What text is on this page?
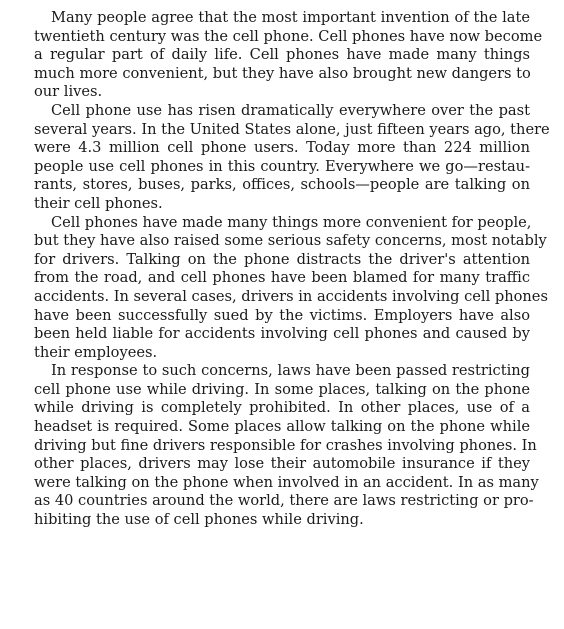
Many people agree that the most important invention of the late
twentieth century was the cell phone. Cell phones have now become
a regular part of daily life. Cell phones have made many things
much more convenient, but they have also brought new dangers to
our lives.
Cell phone use has risen dramatically everywhere over the past
several years. In the United States alone, just fifteen years ago, there
were 4.3 million cell phone users. Today more than 224 million
people use cell phones in this country. Everywhere we go—restau-
rants, stores, buses, parks, offices, schools—people are talking on
their cell phones.
Cell phones have made many things more convenient for people,
but they have also raised some serious safety concerns, most notably
for drivers. Talking on the phone distracts the driver's attention
from the road, and cell phones have been blamed for many traffic
accidents. In several cases, drivers in accidents involving cell phones
have been successfully sued by the victims. Employers have also
been held liable for accidents involving cell phones and caused by
their employees.
In response to such concerns, laws have been passed restricting
cell phone use while driving. In some places, talking on the phone
while driving is completely prohibited. In other places, use of a
headset is required. Some places allow talking on the phone while
driving but fine drivers responsible for crashes involving phones. In
other places, drivers may lose their automobile insurance if they
were talking on the phone when involved in an accident. In as many
as 40 countries around the world, there are laws restricting or pro-
hibiting the use of cell phones while driving.
